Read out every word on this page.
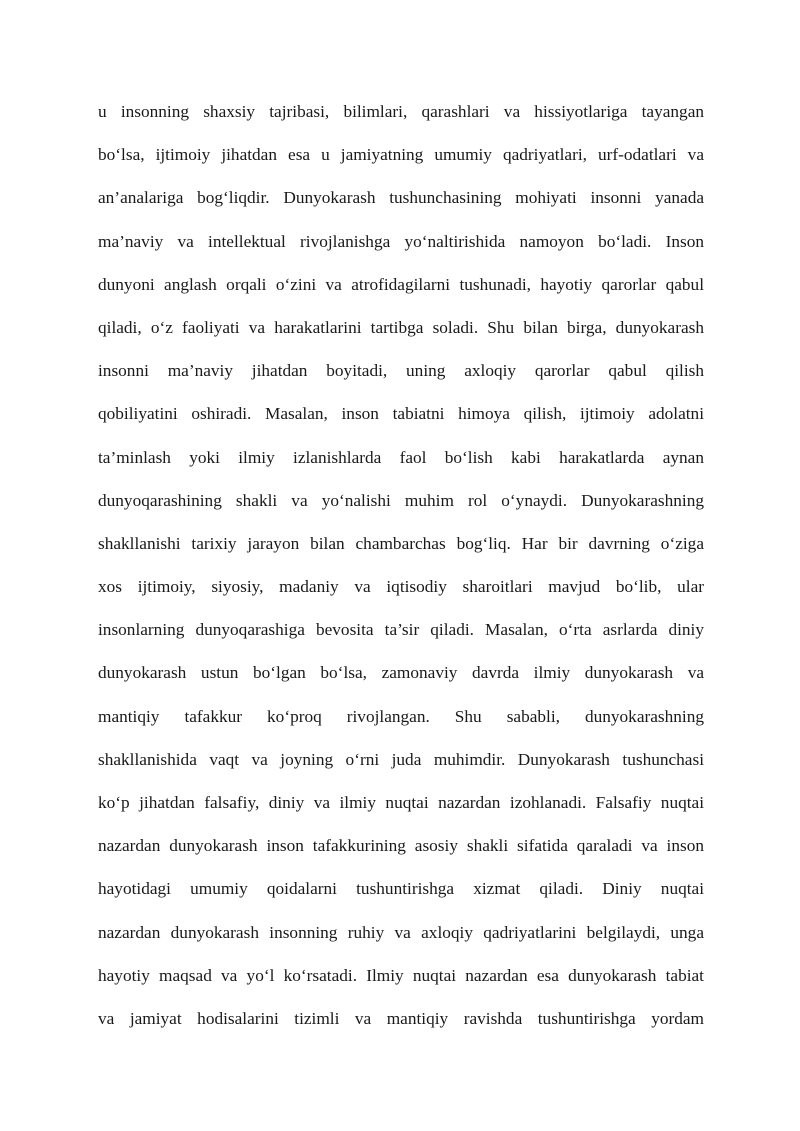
u insonning shaxsiy tajribasi, bilimlari, qarashlari va hissiyotlariga tayangan
bo‘lsa, ijtimoiy jihatdan esa u jamiyatning umumiy qadriyatlari, urf-odatlari va
an’analariga bog‘liqdir. Dunyokarash tushunchasining mohiyati insonni yanada
ma’naviy va intellektual rivojlanishga yo‘naltirishida namoyon bo‘ladi. Inson
dunyoni anglash orqali o‘zini va atrofidagilarni tushunadi, hayotiy qarorlar qabul
qiladi, o‘z faoliyati va harakatlarini tartibga soladi. Shu bilan birga, dunyokarash
insonni ma’naviy jihatdan boyitadi, uning axloqiy qarorlar qabul qilish
qobiliyatini oshiradi. Masalan, inson tabiatni himoya qilish, ijtimoiy adolatni
ta’minlash yoki ilmiy izlanishlarda faol bo‘lish kabi harakatlarda aynan
dunyoqarashining shakli va yo‘nalishi muhim rol o‘ynaydi. Dunyokarashning
shakllanishi tarixiy jarayon bilan chambarchas bog‘liq. Har bir davrning o‘ziga
xos ijtimoiy, siyosiy, madaniy va iqtisodiy sharoitlari mavjud bo‘lib, ular
insonlarning dunyoqarashiga bevosita ta’sir qiladi. Masalan, o‘rta asrlarda diniy
dunyokarash ustun bo‘lgan bo‘lsa, zamonaviy davrda ilmiy dunyokarash va
mantiqiy tafakkur ko‘proq rivojlangan. Shu sababli, dunyokarashning
shakllanishida vaqt va joyning o‘rni juda muhimdir. Dunyokarash tushunchasi
ko‘p jihatdan falsafiy, diniy va ilmiy nuqtai nazardan izohlanadi. Falsafiy nuqtai
nazardan dunyokarash inson tafakkurining asosiy shakli sifatida qaraladi va inson
hayotidagi umumiy qoidalarni tushuntirishga xizmat qiladi. Diniy nuqtai
nazardan dunyokarash insonning ruhiy va axloqiy qadriyatlarini belgilaydi, unga
hayotiy maqsad va yo‘l ko‘rsatadi. Ilmiy nuqtai nazardan esa dunyokarash tabiat
va jamiyat hodisalarini tizimli va mantiqiy ravishda tushuntirishga yordam
